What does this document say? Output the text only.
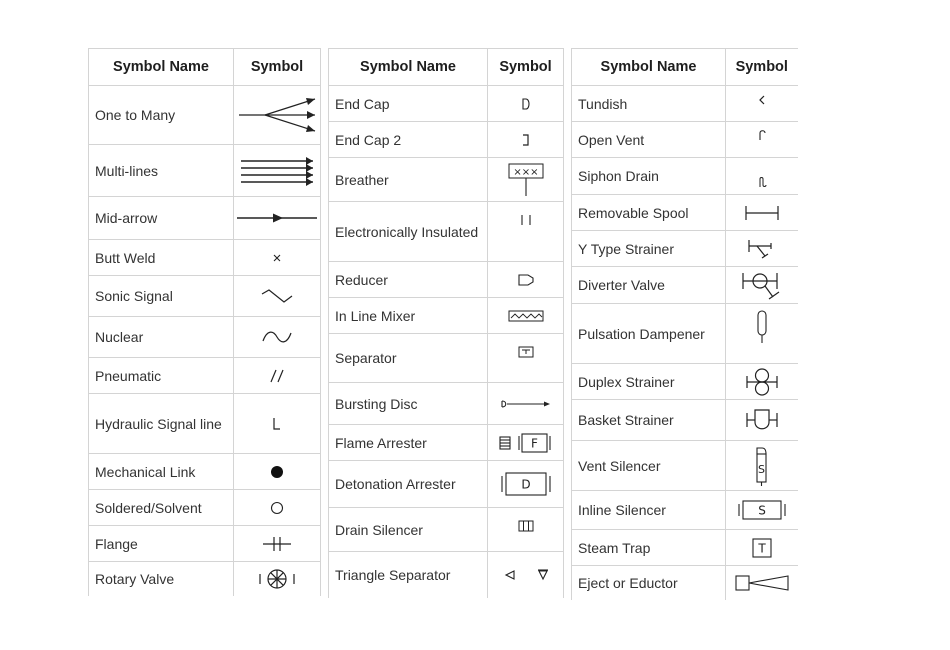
Symbol Name	Symbol
One to Many	

Multi-lines	

Mid-arrow	

Butt Weld	

Sonic Signal	

Nuclear	

Pneumatic	

Hydraulic Signal line	

Mechanical Link	

Soldered/Solvent	

Flange	

Rotary Valve	
Symbol Name	Symbol
End Cap	

End Cap 2	

Breather	×××

Electronically Insulated	

Reducer	

In Line Mixer	

Separator	

Bursting Disc	

Flame Arrester	F

Detonation Arrester	D

Drain Silencer	

Triangle Separator	
Symbol Name	Symbol
Tundish	

Open Vent	

Siphon Drain	

Removable Spool	

Y Type Strainer	

Diverter Valve	

Pulsation Dampener	

Duplex Strainer	

Basket Strainer	

Vent Silencer	S

Inline Silencer	S

Steam Trap	T

Eject or Eductor	
